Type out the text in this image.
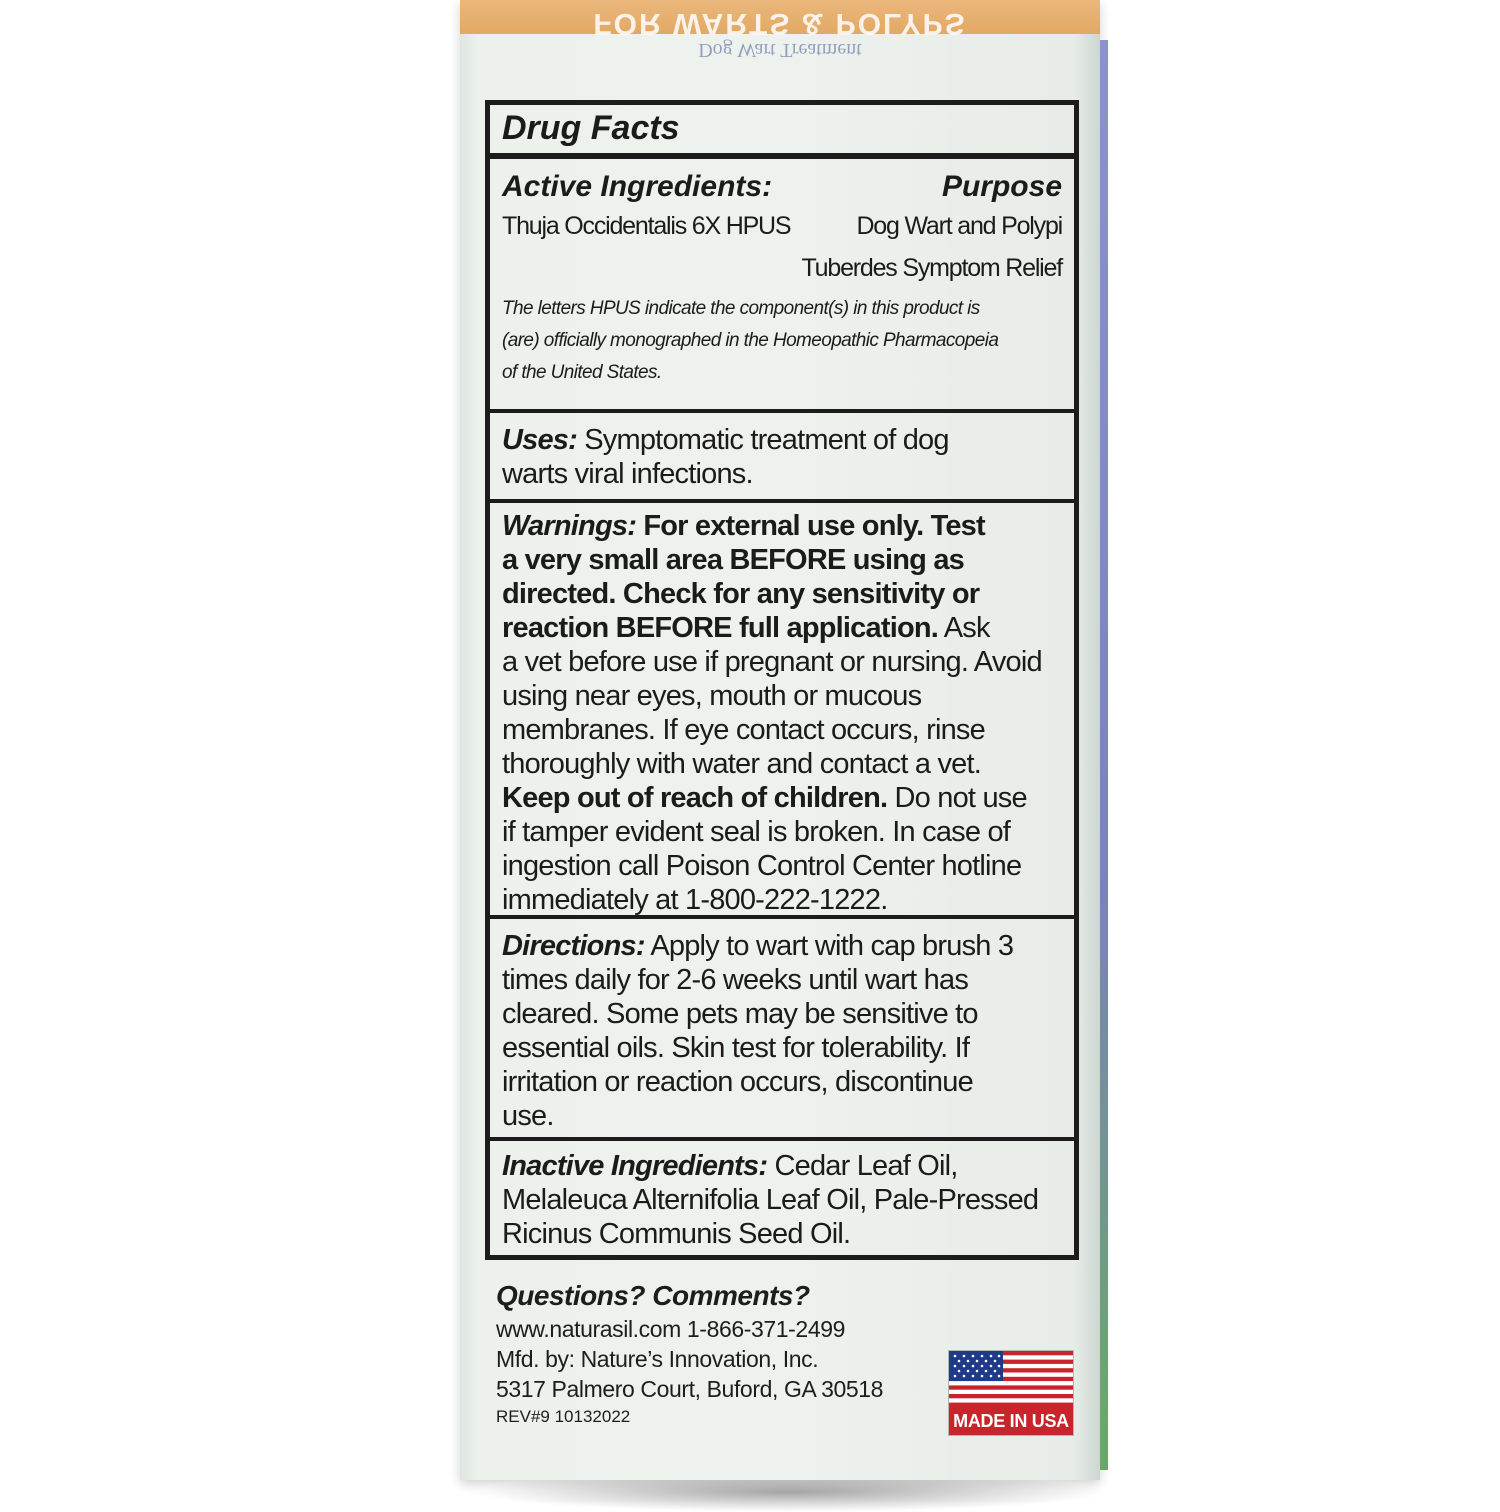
FOR WARTS & POLYPS
Dog Wart Treatment
Drug Facts
Active Ingredients:	Purpose
Thuja Occidentalis 6X HPUS	Dog Wart and Polypi
Tuberdes Symptom Relief
The letters HPUS indicate the component(s) in this product is
(are) officially monographed in the Homeopathic Pharmacopeia
of the United States.
Uses: Symptomatic treatment of dog
warts viral infections.
Warnings: For external use only. Test
a very small area BEFORE using as
directed. Check for any sensitivity or
reaction BEFORE full application. Ask
a vet before use if pregnant or nursing. Avoid
using near eyes, mouth or mucous
membranes. If eye contact occurs, rinse
thoroughly with water and contact a vet.
Keep out of reach of children. Do not use
if tamper evident seal is broken. In case of
ingestion call Poison Control Center hotline
immediately at 1-800-222-1222.
Directions: Apply to wart with cap brush 3
times daily for 2-6 weeks until wart has
cleared. Some pets may be sensitive to
essential oils. Skin test for tolerability. If
irritation or reaction occurs, discontinue
use.
Inactive Ingredients: Cedar Leaf Oil,
Melaleuca Alternifolia Leaf Oil, Pale-Pressed
Ricinus Communis Seed Oil.
Questions? Comments?
www.naturasil.com 1-866-371-2499
Mfd. by: Nature’s Innovation, Inc.
5317 Palmero Court, Buford, GA 30518
REV#9 10132022	MADE IN USA
